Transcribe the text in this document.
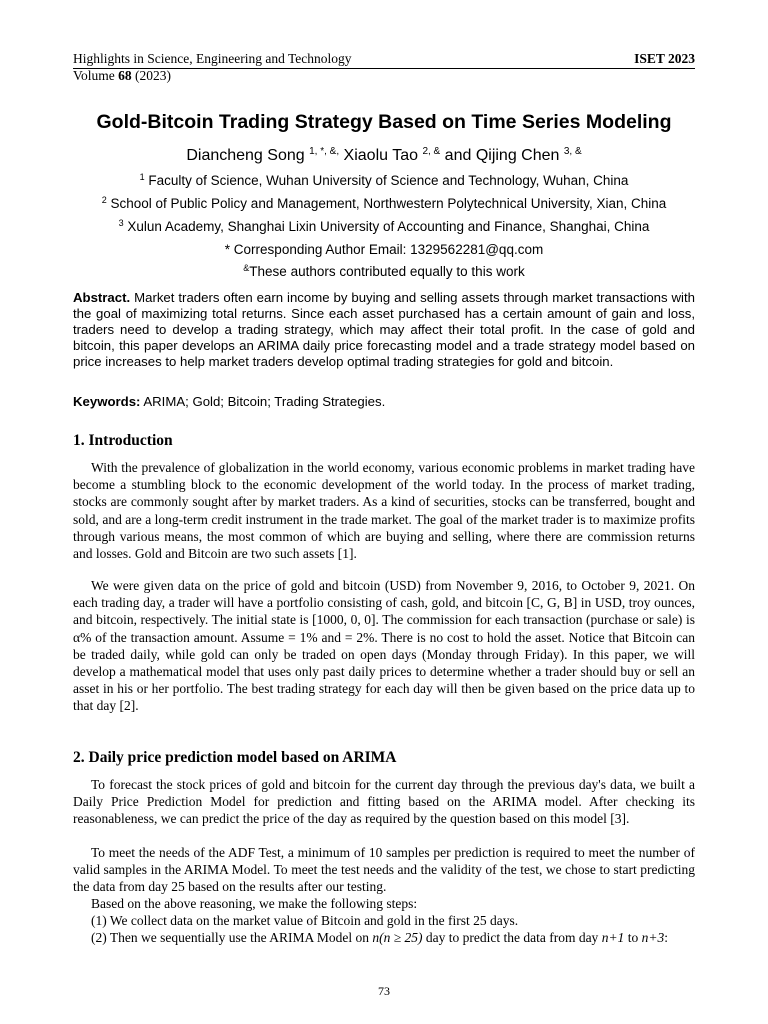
Highlights in Science, Engineering and Technology	ISET 2023
Volume 68 (2023)
Gold-Bitcoin Trading Strategy Based on Time Series Modeling
Diancheng Song $^{1, *, \&,}$ Xiaolu Tao $^{2, \&}$ and Qijing Chen $^{3, \&}$
$^1$ Faculty of Science, Wuhan University of Science and Technology, Wuhan, China
$^2$ School of Public Policy and Management, Northwestern Polytechnical University, Xian, China
$^3$ Xulun Academy, Shanghai Lixin University of Accounting and Finance, Shanghai, China
* Corresponding Author Email: 1329562281@qq.com
&These authors contributed equally to this work
Abstract. Market traders often earn income by buying and selling assets through market transactions with the goal of maximizing total returns. Since each asset purchased has a certain amount of gain and loss, traders need to develop a trading strategy, which may affect their total profit. In the case of gold and bitcoin, this paper develops an ARIMA daily price forecasting model and a trade strategy model based on price increases to help market traders develop optimal trading strategies for gold and bitcoin.
Keywords: ARIMA; Gold; Bitcoin; Trading Strategies.
1. Introduction
With the prevalence of globalization in the world economy, various economic problems in market trading have become a stumbling block to the economic development of the world today. In the process of market trading, stocks are commonly sought after by market traders. As a kind of securities, stocks can be transferred, bought and sold, and are a long-term credit instrument in the trade market. The goal of the market trader is to maximize profits through various means, the most common of which are buying and selling, where there are commission returns and losses. Gold and Bitcoin are two such assets [1].
We were given data on the price of gold and bitcoin (USD) from November 9, 2016, to October 9, 2021. On each trading day, a trader will have a portfolio consisting of cash, gold, and bitcoin [C, G, B] in USD, troy ounces, and bitcoin, respectively. The initial state is [1000, 0, 0]. The commission for each transaction (purchase or sale) is α% of the transaction amount. Assume = 1% and = 2%. There is no cost to hold the asset. Notice that Bitcoin can be traded daily, while gold can only be traded on open days (Monday through Friday). In this paper, we will develop a mathematical model that uses only past daily prices to determine whether a trader should buy or sell an asset in his or her portfolio. The best trading strategy for each day will then be given based on the price data up to that day [2].
2. Daily price prediction model based on ARIMA
To forecast the stock prices of gold and bitcoin for the current day through the previous day's data, we built a Daily Price Prediction Model for prediction and fitting based on the ARIMA model. After checking its reasonableness, we can predict the price of the day as required by the question based on this model [3].
To meet the needs of the ADF Test, a minimum of 10 samples per prediction is required to meet the number of valid samples in the ARIMA Model. To meet the test needs and the validity of the test, we chose to start predicting the data from day 25 based on the results after our testing.
Based on the above reasoning, we make the following steps:
(1) We collect data on the market value of Bitcoin and gold in the first 25 days.
(2) Then we sequentially use the ARIMA Model on n(n ≥ 25) day to predict the data from day n+1 to n+3:
73
